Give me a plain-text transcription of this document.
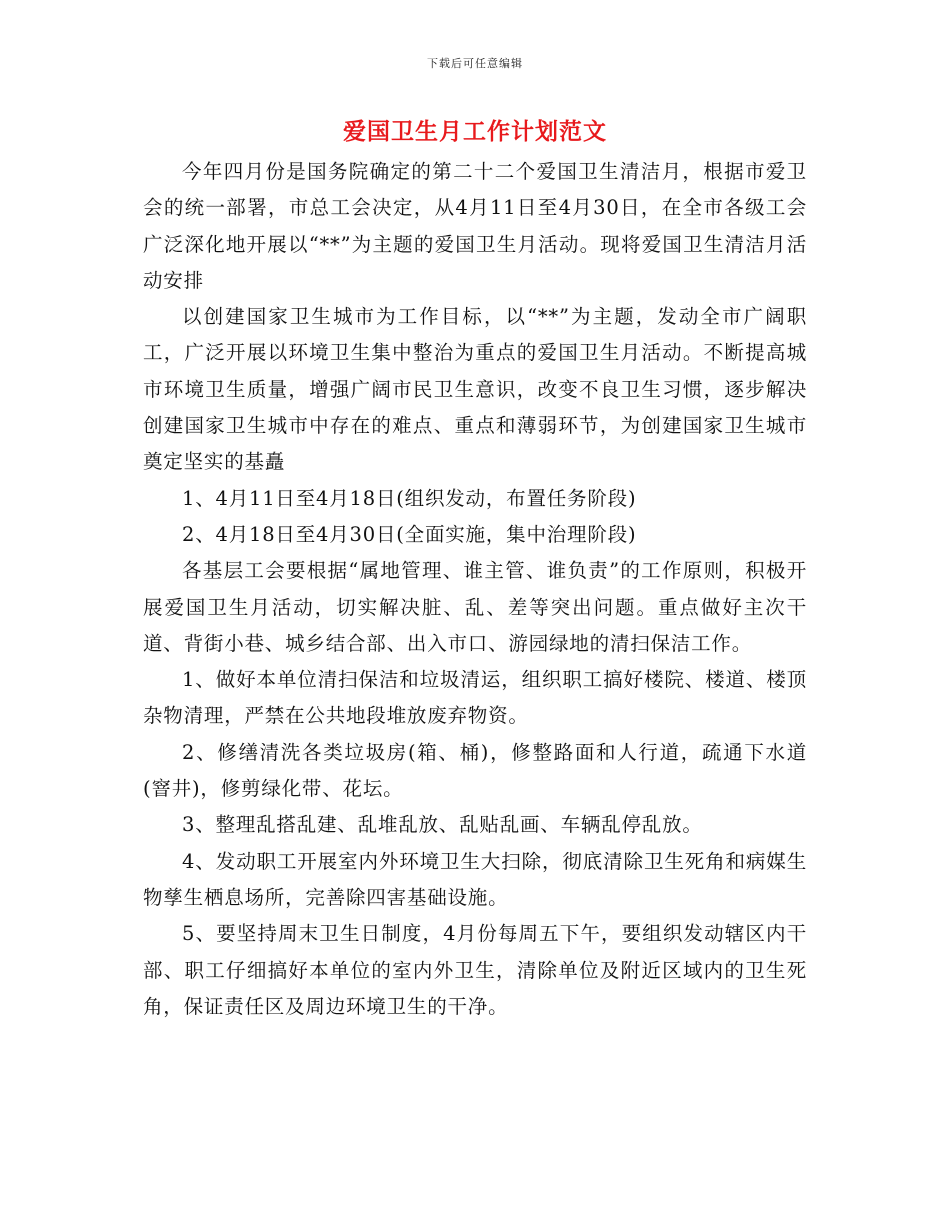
下载后可任意编辑
爱国卫生月工作计划范文

今年四月份是国务院确定的第二十二个爱国卫生清洁月，根据市爱卫会的统一部署，市总工会决定，从4月11日至4月30日，在全市各级工会广泛深化地开展以“**”为主题的爱国卫生月活动。现将爱国卫生清洁月活动安排

以创建国家卫生城市为工作目标，以“**”为主题，发动全市广阔职工，广泛开展以环境卫生集中整治为重点的爱国卫生月活动。不断提高城市环境卫生质量，增强广阔市民卫生意识，改变不良卫生习惯，逐步解决创建国家卫生城市中存在的难点、重点和薄弱环节，为创建国家卫生城市奠定坚实的基矗

1、4月11日至4月18日(组织发动，布置任务阶段)

2、4月18日至4月30日(全面实施，集中治理阶段)

各基层工会要根据“属地管理、谁主管、谁负责”的工作原则，积极开展爱国卫生月活动，切实解决脏、乱、差等突出问题。重点做好主次干道、背街小巷、城乡结合部、出入市口、游园绿地的清扫保洁工作。

1、做好本单位清扫保洁和垃圾清运，组织职工搞好楼院、楼道、楼顶杂物清理，严禁在公共地段堆放废弃物资。

2、修缮清洗各类垃圾房(箱、桶)，修整路面和人行道，疏通下水道(窨井)，修剪绿化带、花坛。

3、整理乱搭乱建、乱堆乱放、乱贴乱画、车辆乱停乱放。

4、发动职工开展室内外环境卫生大扫除，彻底清除卫生死角和病媒生物孳生栖息场所，完善除四害基础设施。

5、要坚持周末卫生日制度，4月份每周五下午，要组织发动辖区内干部、职工仔细搞好本单位的室内外卫生，清除单位及附近区域内的卫生死角，保证责任区及周边环境卫生的干净。
